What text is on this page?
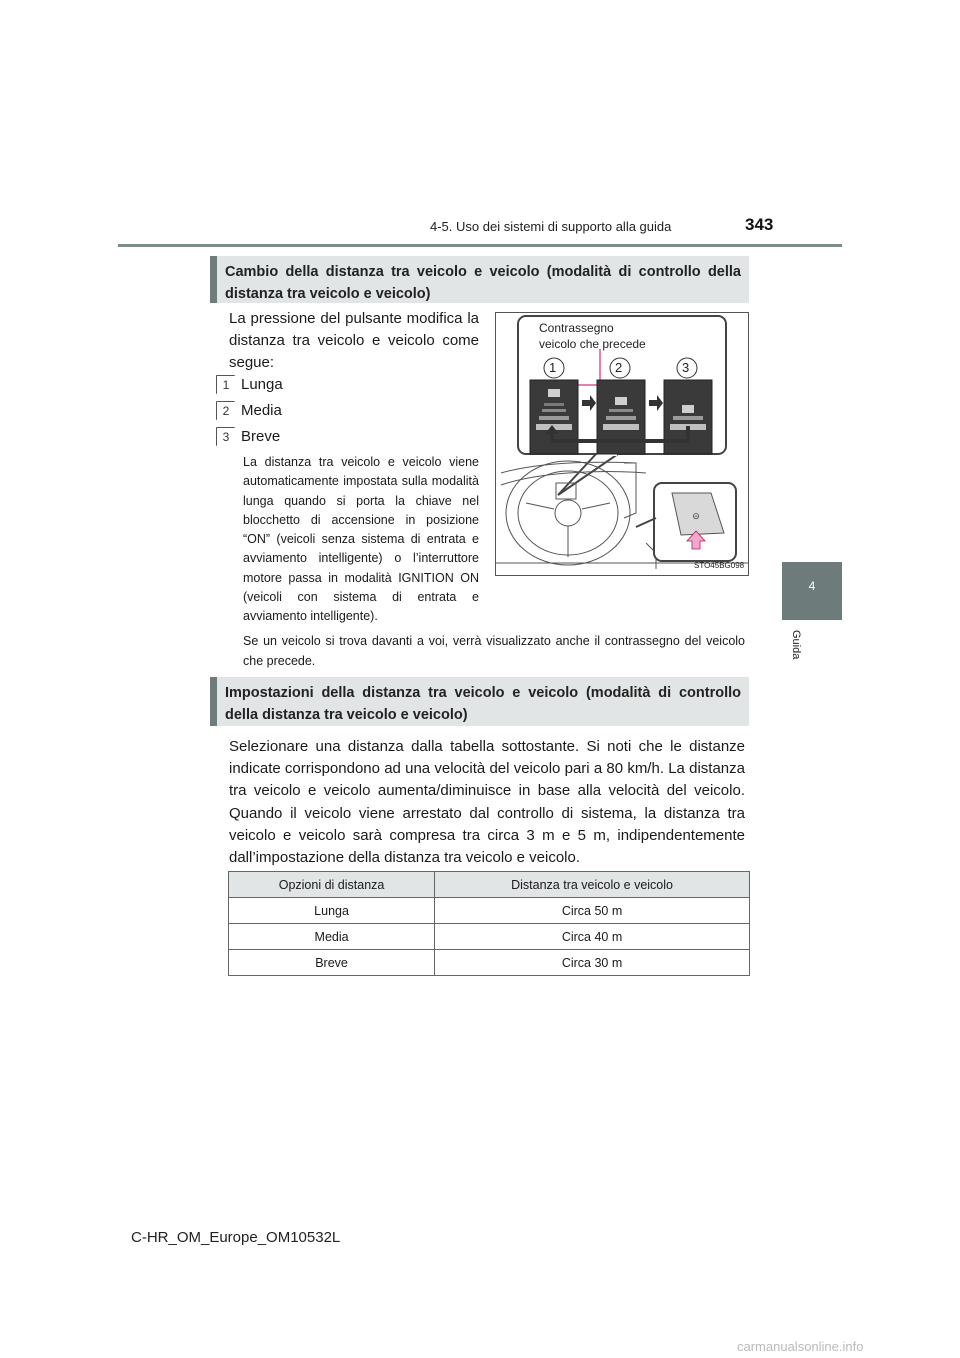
4-5. Uso dei sistemi di supporto alla guida	343
4
Guida
Cambio della distanza tra veicolo e veicolo (modalità di controllo della distanza tra veicolo e veicolo)
La pressione del pulsante modifica la distanza tra veicolo e veicolo come segue:
1 Lunga
2 Media
3 Breve
La distanza tra veicolo e veicolo viene automaticamente impostata sulla modalità lunga quando si porta la chiave nel blocchetto di accensione in posizione “ON” (veicoli senza sistema di entrata e avviamento intelligente) o l’interruttore motore passa in modalità IGNITION ON (veicoli con sistema di entrata e avviamento intelligente).
⊝
Contrassegno
veicolo che precede
1	2	3
STO45BG098
Se un veicolo si trova davanti a voi, verrà visualizzato anche il contrassegno del veicolo che precede.
Impostazioni della distanza tra veicolo e veicolo (modalità di controllo della distanza tra veicolo e veicolo)
Selezionare una distanza dalla tabella sottostante. Si noti che le distanze indicate corrispondono ad una velocità del veicolo pari a 80 km/h. La distanza tra veicolo e veicolo aumenta/diminuisce in base alla velocità del veicolo. Quando il veicolo viene arrestato dal controllo di sistema, la distanza tra veicolo e veicolo sarà compresa tra circa 3 m e 5 m, indipendentemente dall’impostazione della distanza tra veicolo e veicolo.
Opzioni di distanza	Distanza tra veicolo e veicolo
Lunga	Circa 50 m
Media	Circa 40 m
Breve	Circa 30 m
C-HR_OM_Europe_OM10532L
carmanualsonline.info
